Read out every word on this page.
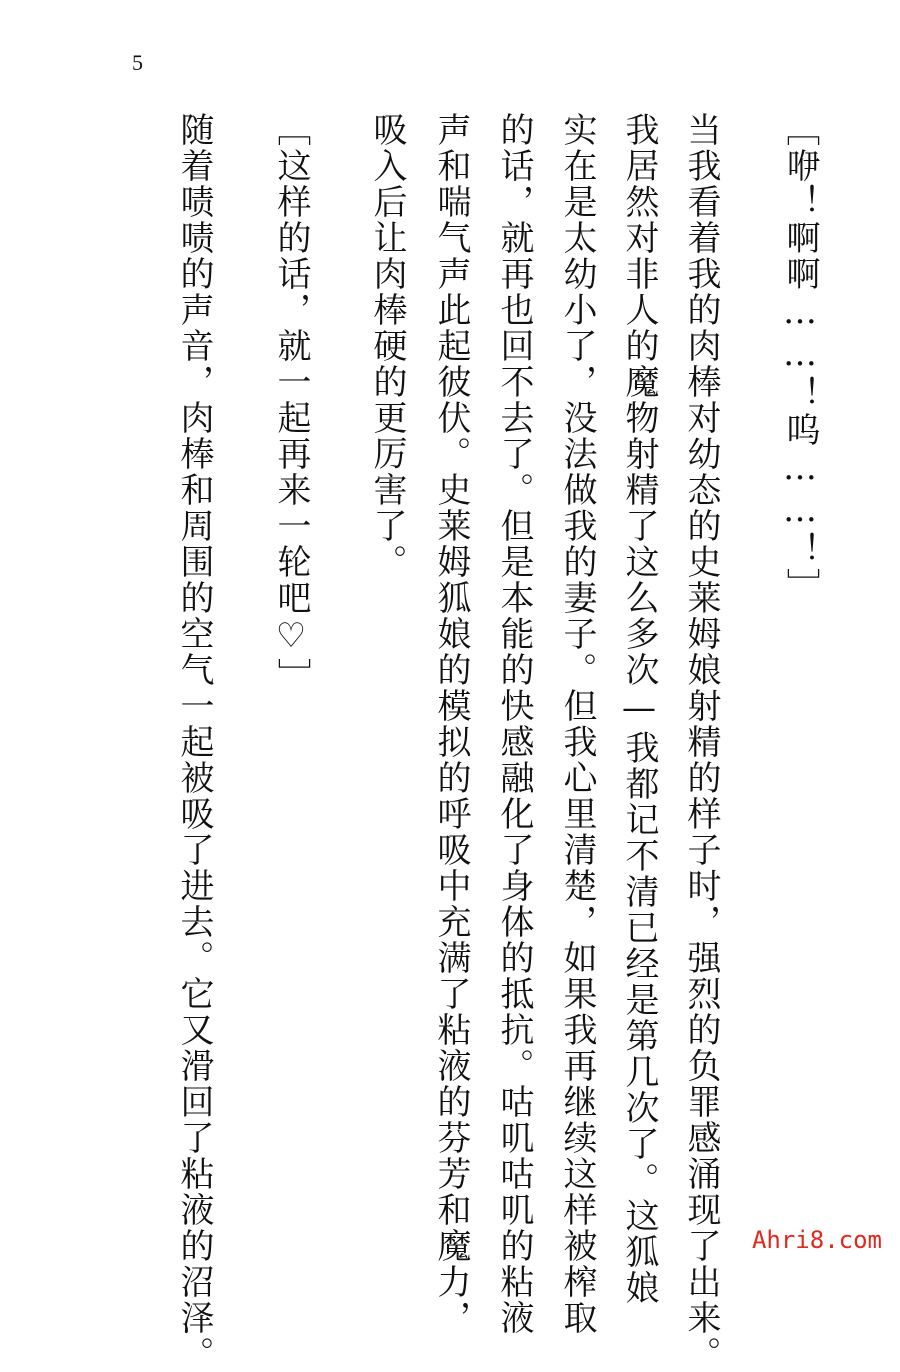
5
［咿！啊啊……！呜……！］
当我看着我的肉棒对幼态的史莱姆娘射精的样子时，强烈的负罪感涌现了出来。
我居然对非人的魔物射精了这么多次—我都记不清已经是第几次了。这狐娘
实在是太幼小了，没法做我的妻子。但我心里清楚，如果我再继续这样被榨取
的话，就再也回不去了。但是本能的快感融化了身体的抵抗。咕叽咕叽的粘液
声和喘气声此起彼伏。史莱姆狐娘的模拟的呼吸中充满了粘液的芬芳和魔力，
吸入后让肉棒硬的更厉害了。
［这样的话，就一起再来一轮吧♡］
随着啧啧的声音，肉棒和周围的空气一起被吸了进去。它又滑回了粘液的沼泽。	Ahri8.com
